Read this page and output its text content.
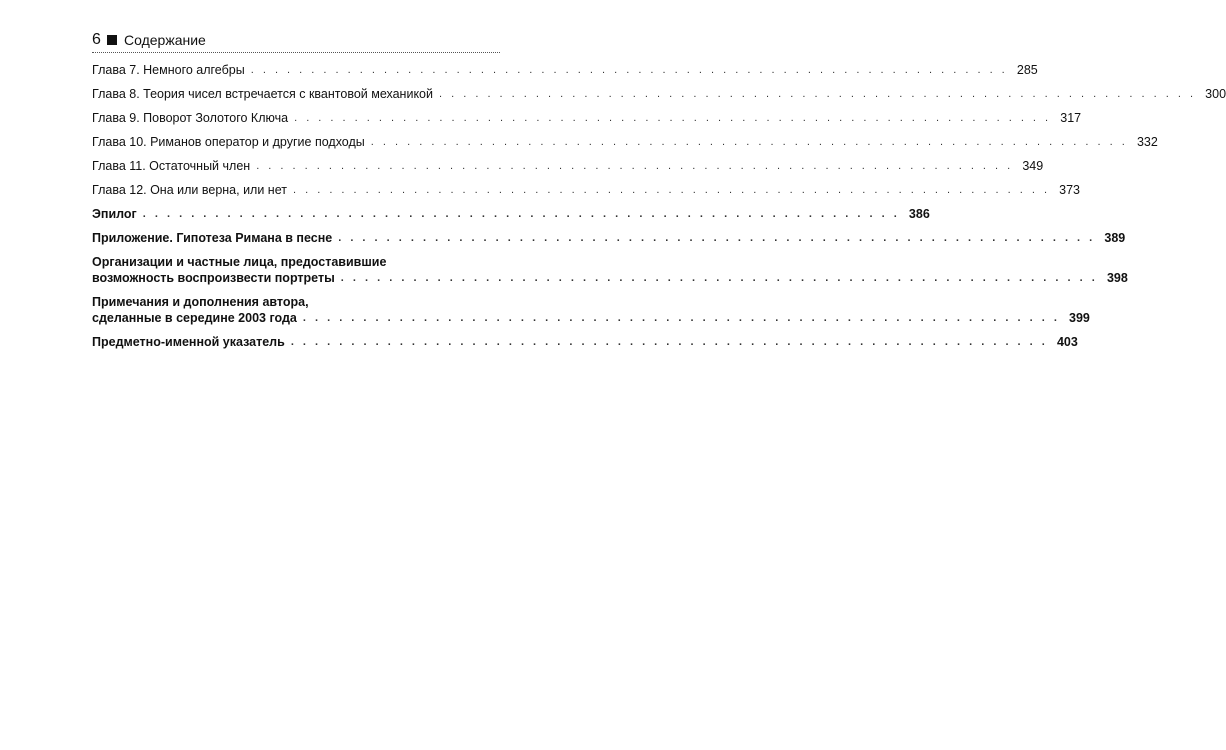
6 Содержание
Глава 7. Немного алгебры . . . . . . . . . . . . . . . . . . . . . . . . . . . . . . . . . . . . . . . . . . . . . . . . . . . . . . . . . . . . . . . 285
Глава 8. Теория чисел встречается с квантовой механикой . . . . . . . . . . . . . . . . . . . . . . . . . . . . . . . . . . . . . . . . . . . . . . . . . . . . . . . . . . . . . . . 300
Глава 9. Поворот Золотого Ключа . . . . . . . . . . . . . . . . . . . . . . . . . . . . . . . . . . . . . . . . . . . . . . . . . . . . . . . . . . . . . . . 317
Глава 10. Риманов оператор и другие подходы . . . . . . . . . . . . . . . . . . . . . . . . . . . . . . . . . . . . . . . . . . . . . . . . . . . . . . . . . . . . . . . 332
Глава 11. Остаточный член . . . . . . . . . . . . . . . . . . . . . . . . . . . . . . . . . . . . . . . . . . . . . . . . . . . . . . . . . . . . . . . 349
Глава 12. Она или верна, или нет . . . . . . . . . . . . . . . . . . . . . . . . . . . . . . . . . . . . . . . . . . . . . . . . . . . . . . . . . . . . . . . 373
Эпилог . . . . . . . . . . . . . . . . . . . . . . . . . . . . . . . . . . . . . . . . . . . . . . . . . . . . . . . . . . . . . . . 386
Приложение. Гипотеза Римана в песне . . . . . . . . . . . . . . . . . . . . . . . . . . . . . . . . . . . . . . . . . . . . . . . . . . . . . . . . . . . . . . . 389
Организации и частные лица, предоставившие
возможность воспроизвести портреты . . . . . . . . . . . . . . . . . . . . . . . . . . . . . . . . . . . . . . . . . . . . . . . . . . . . . . . . . . . . . . . 398
Примечания и дополнения автора,
сделанные в середине 2003 года . . . . . . . . . . . . . . . . . . . . . . . . . . . . . . . . . . . . . . . . . . . . . . . . . . . . . . . . . . . . . . . 399
Предметно-именной указатель . . . . . . . . . . . . . . . . . . . . . . . . . . . . . . . . . . . . . . . . . . . . . . . . . . . . . . . . . . . . . . . 403
